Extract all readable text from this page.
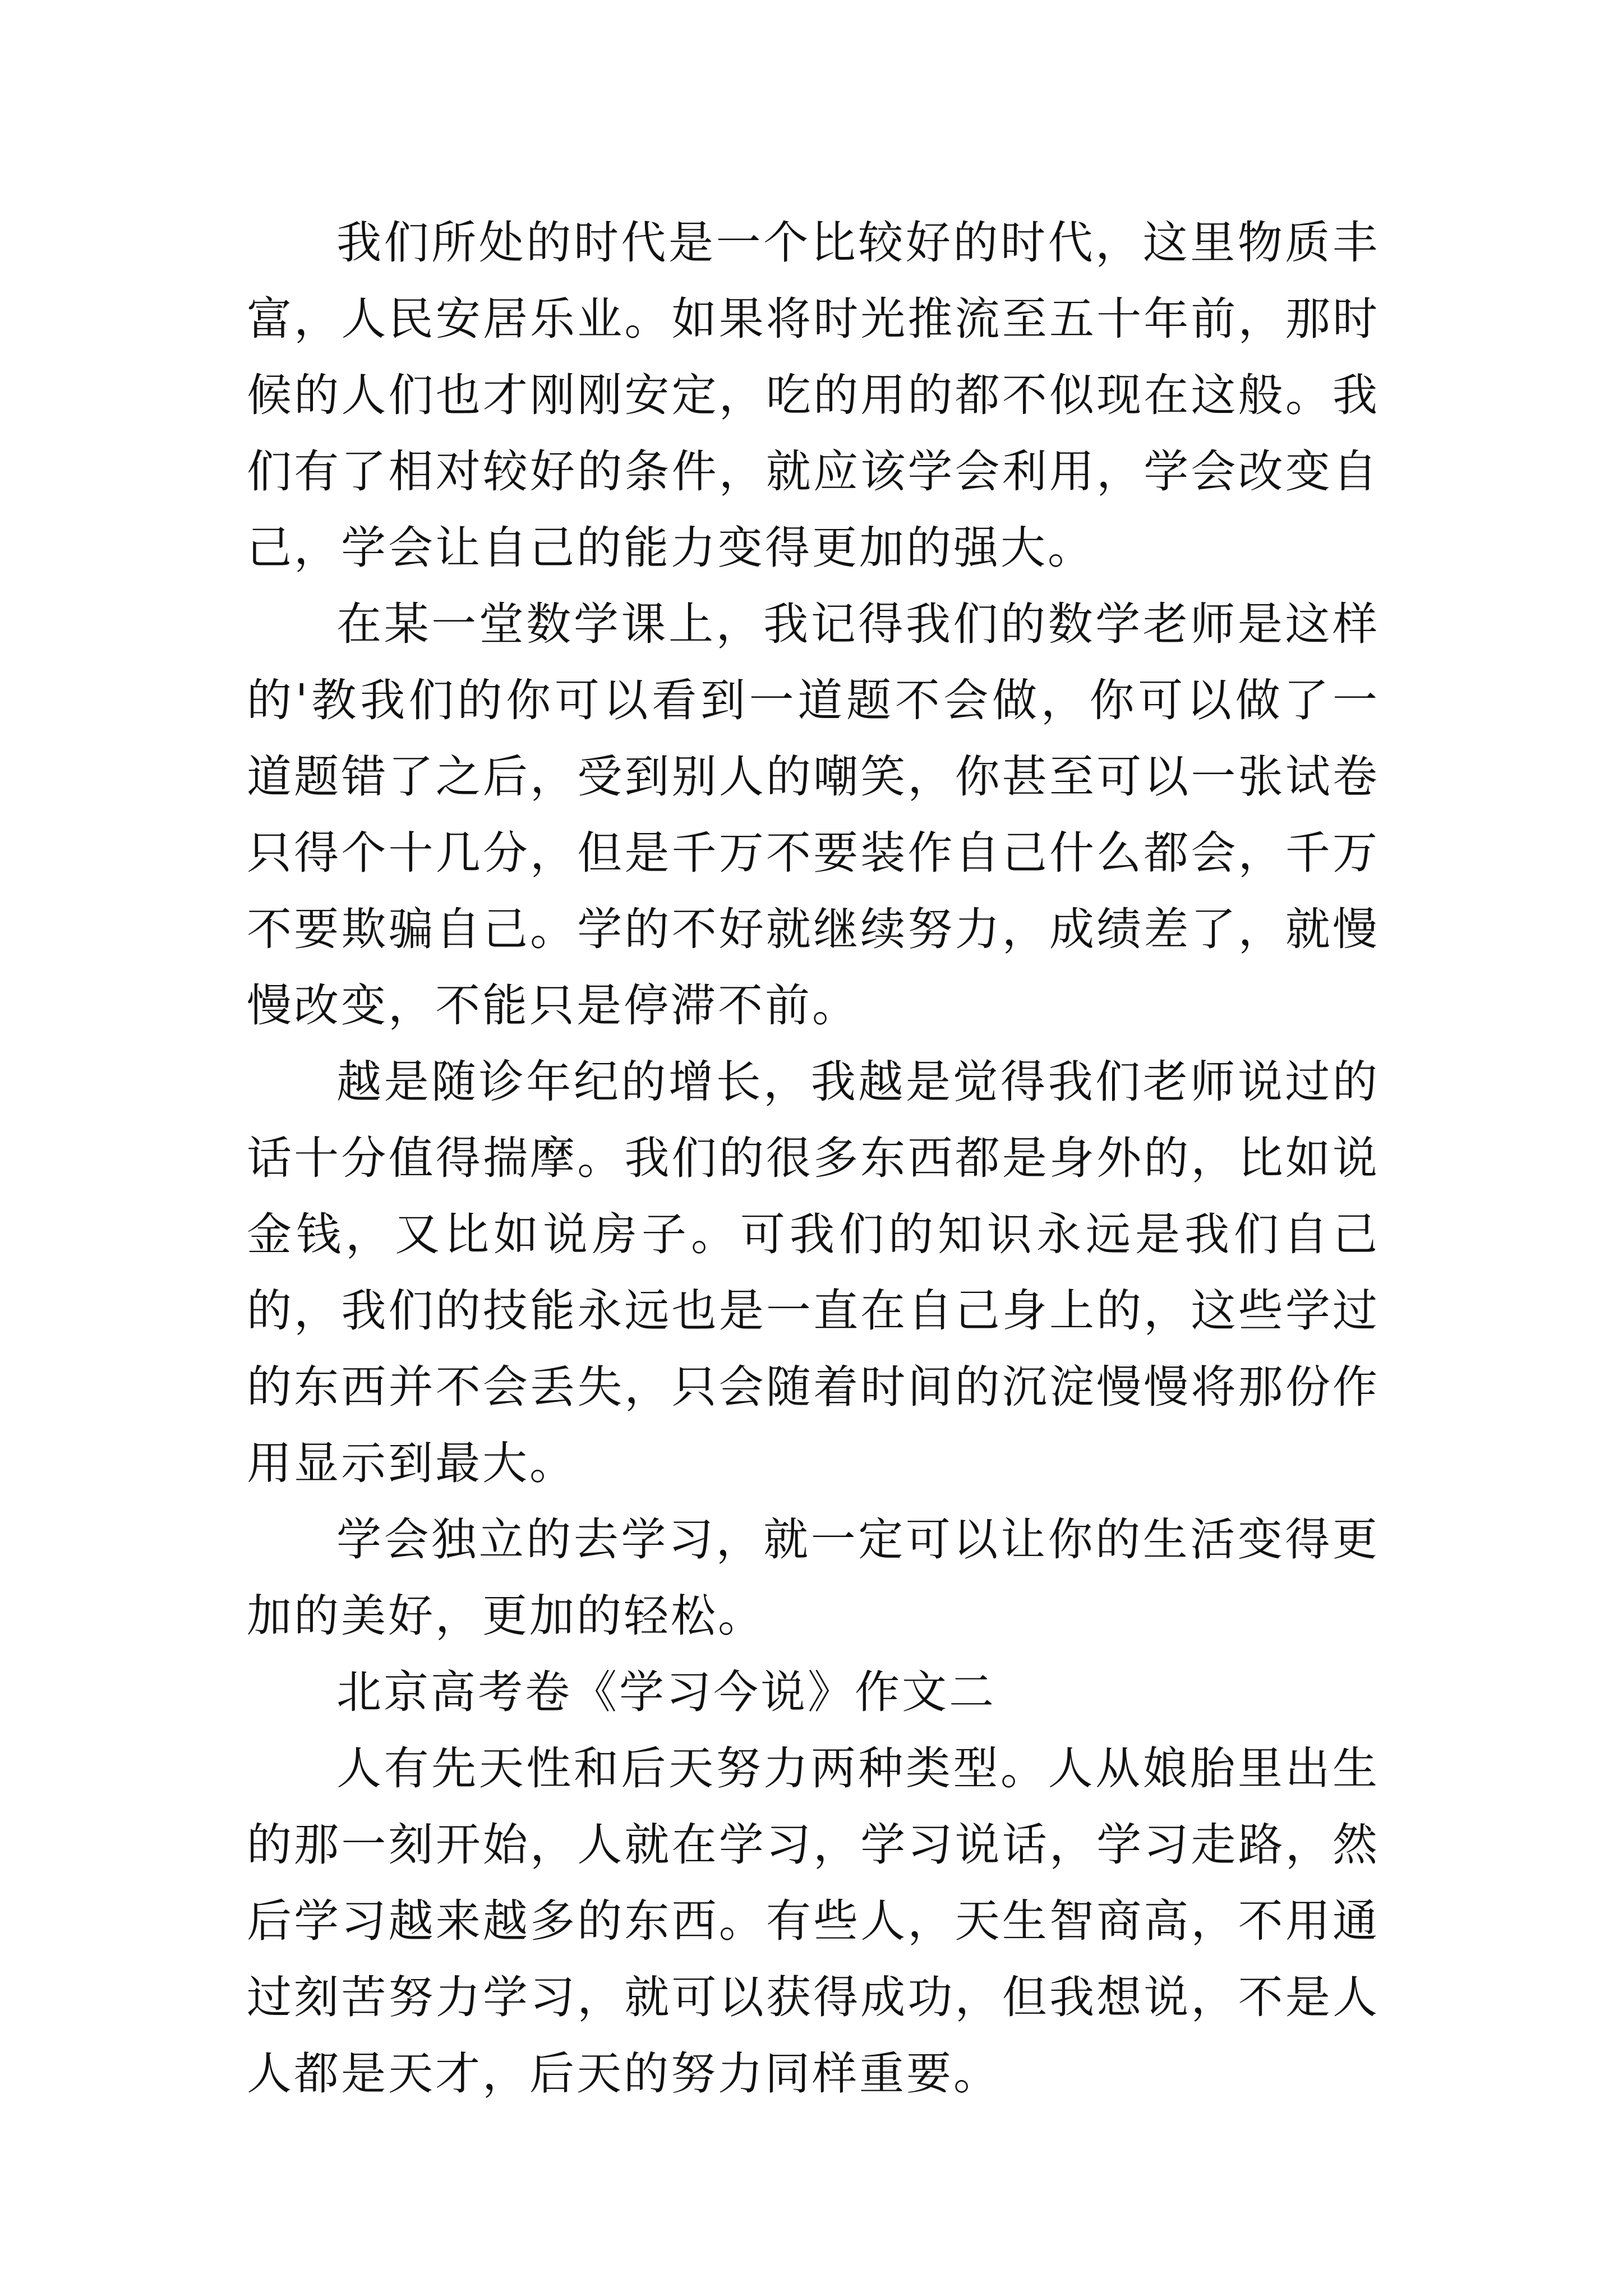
我们所处的时代是一个比较好的时代，这里物质丰富，人民安居乐业。如果将时光推流至五十年前，那时候的人们也才刚刚安定，吃的用的都不似现在这般。我们有了相对较好的条件，就应该学会利用，学会改变自己，学会让自己的能力变得更加的强大。

在某一堂数学课上，我记得我们的数学老师是这样的'教我们的你可以看到一道题不会做，你可以做了一道题错了之后，受到别人的嘲笑，你甚至可以一张试卷只得个十几分，但是千万不要装作自己什么都会，千万不要欺骗自己。学的不好就继续努力，成绩差了，就慢慢改变，不能只是停滞不前。

越是随诊年纪的增长，我越是觉得我们老师说过的话十分值得揣摩。我们的很多东西都是身外的，比如说金钱，又比如说房子。可我们的知识永远是我们自己的，我们的技能永远也是一直在自己身上的，这些学过的东西并不会丢失，只会随着时间的沉淀慢慢将那份作用显示到最大。

学会独立的去学习，就一定可以让你的生活变得更加的美好，更加的轻松。

北京高考卷《学习今说》作文二

人有先天性和后天努力两种类型。人从娘胎里出生的那一刻开始，人就在学习，学习说话，学习走路，然后学习越来越多的东西。有些人，天生智商高，不用通过刻苦努力学习，就可以获得成功，但我想说，不是人人都是天才，后天的努力同样重要。
